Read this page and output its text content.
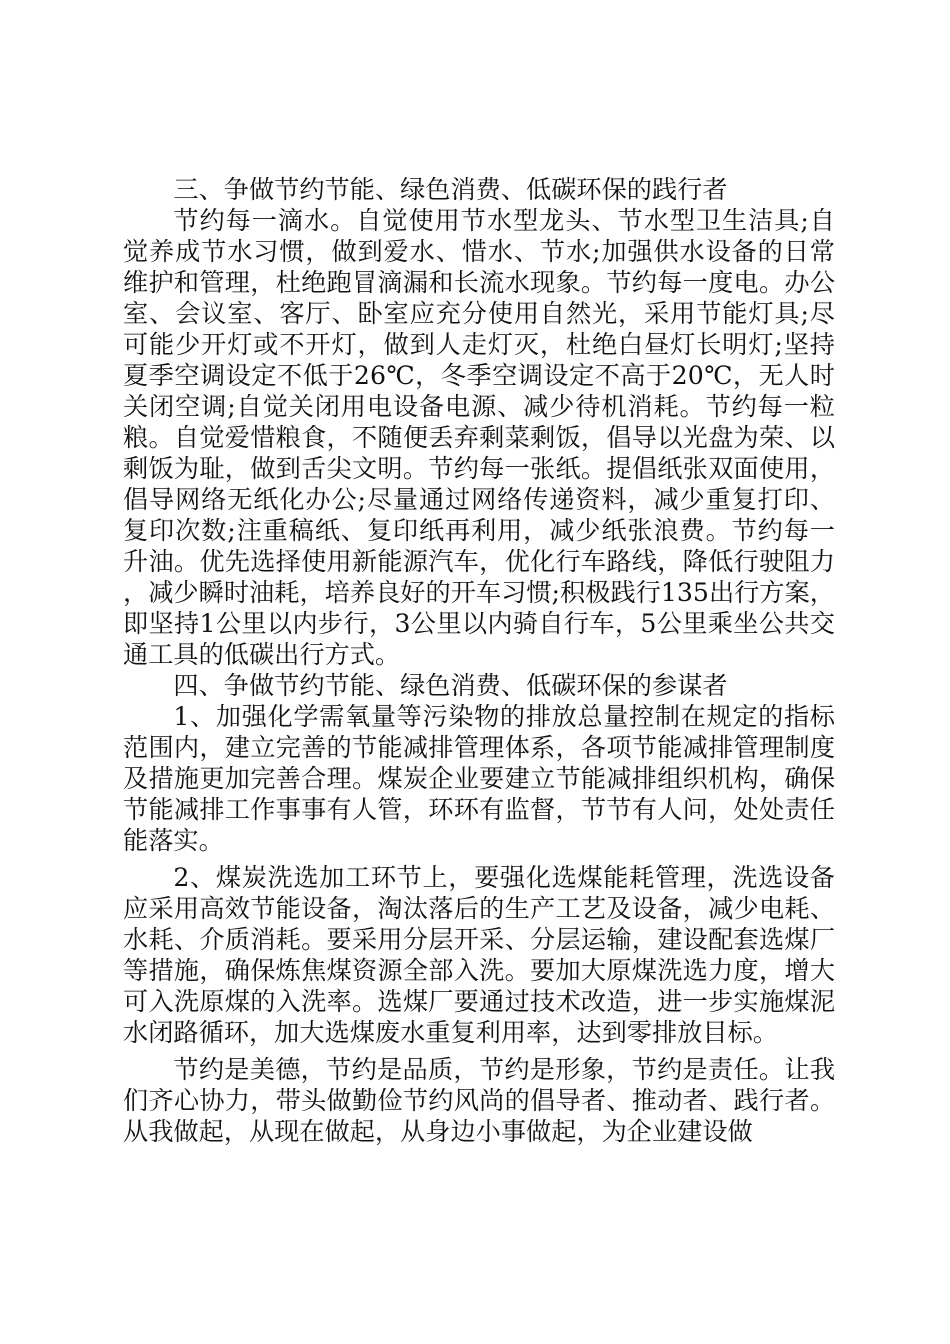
三、争做节约节能、绿色消费、低碳环保的践行者

节约每一滴水。自觉使用节水型龙头、节水型卫生洁具;自觉养成节水习惯，做到爱水、惜水、节水;加强供水设备的日常维护和管理，杜绝跑冒滴漏和长流水现象。节约每一度电。办公室、会议室、客厅、卧室应充分使用自然光，采用节能灯具;尽可能少开灯或不开灯，做到人走灯灭，杜绝白昼灯长明灯;坚持夏季空调设定不低于26℃，冬季空调设定不高于20℃，无人时关闭空调;自觉关闭用电设备电源、减少待机消耗。节约每一粒粮。自觉爱惜粮食，不随便丢弃剩菜剩饭，倡导以光盘为荣、以剩饭为耻，做到舌尖文明。节约每一张纸。提倡纸张双面使用，倡导网络无纸化办公;尽量通过网络传递资料，减少重复打印、复印次数;注重稿纸、复印纸再利用，减少纸张浪费。节约每一升油。优先选择使用新能源汽车，优化行车路线，降低行驶阻力，减少瞬时油耗，培养良好的开车习惯;积极践行135出行方案，即坚持1公里以内步行，3公里以内骑自行车，5公里乘坐公共交通工具的低碳出行方式。

四、争做节约节能、绿色消费、低碳环保的参谋者

1、加强化学需氧量等污染物的排放总量控制在规定的指标范围内，建立完善的节能减排管理体系，各项节能减排管理制度及措施更加完善合理。煤炭企业要建立节能减排组织机构，确保节能减排工作事事有人管，环环有监督，节节有人问，处处责任能落实。

2、煤炭洗选加工环节上，要强化选煤能耗管理，洗选设备应采用高效节能设备，淘汰落后的生产工艺及设备，减少电耗、水耗、介质消耗。要采用分层开采、分层运输，建设配套选煤厂等措施，确保炼焦煤资源全部入洗。要加大原煤洗选力度，增大可入洗原煤的入洗率。选煤厂要通过技术改造，进一步实施煤泥水闭路循环，加大选煤废水重复利用率，达到零排放目标。

节约是美德，节约是品质，节约是形象，节约是责任。让我们齐心协力，带头做勤俭节约风尚的倡导者、推动者、践行者。从我做起，从现在做起，从身边小事做起，为企业建设做
